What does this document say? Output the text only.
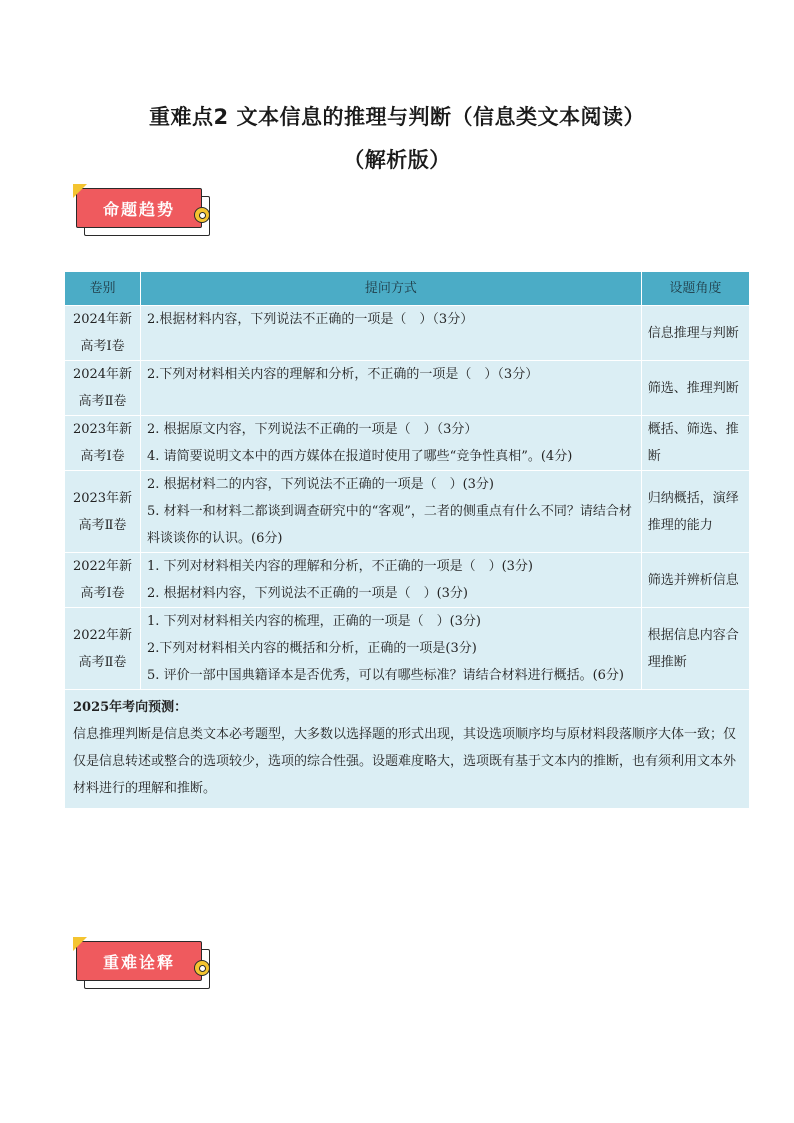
重难点2 文本信息的推理与判断（信息类文本阅读）
（解析版）
命题趋势
卷别	提问方式	设题角度
2024年新高考Ⅰ卷	2.根据材料内容，下列说法不正确的一项是（　）（3分）	信息推理与判断
2024年新高考Ⅱ卷	2.下列对材料相关内容的理解和分析，不正确的一项是（　）（3分）	筛选、推理判断
2023年新高考Ⅰ卷	2. 根据原文内容，下列说法不正确的一项是（　）（3分）
4. 请简要说明文本中的西方媒体在报道时使用了哪些“竞争性真相”。(4分)	概括、筛选、推断
2023年新高考Ⅱ卷	2. 根据材料二的内容，下列说法不正确的一项是（　）(3分)
5. 材料一和材料二都谈到调查研究中的“客观”，二者的侧重点有什么不同？请结合材料谈谈你的认识。(6分)	归纳概括，演绎推理的能力
2022年新高考Ⅰ卷	1. 下列对材料相关内容的理解和分析，不正确的一项是（　）(3分)
2. 根据材料内容，下列说法不正确的一项是（　）(3分)	筛选并辨析信息
2022年新高考Ⅱ卷	1. 下列对材料相关内容的梳理，正确的一项是（　）(3分)
2.下列对材料相关内容的概括和分析，正确的一项是(3分)
5. 评价一部中国典籍译本是否优秀，可以有哪些标准？请结合材料进行概括。(6分)	根据信息内容合理推断

2025年考向预测：
信息推理判断是信息类文本必考题型，大多数以选择题的形式出现，其设选项顺序均与原材料段落顺序大体一致；仅仅是信息转述或整合的选项较少，选项的综合性强。设题难度略大，选项既有基于文本内的推断，也有须利用文本外材料进行的理解和推断。		
重难诠释
